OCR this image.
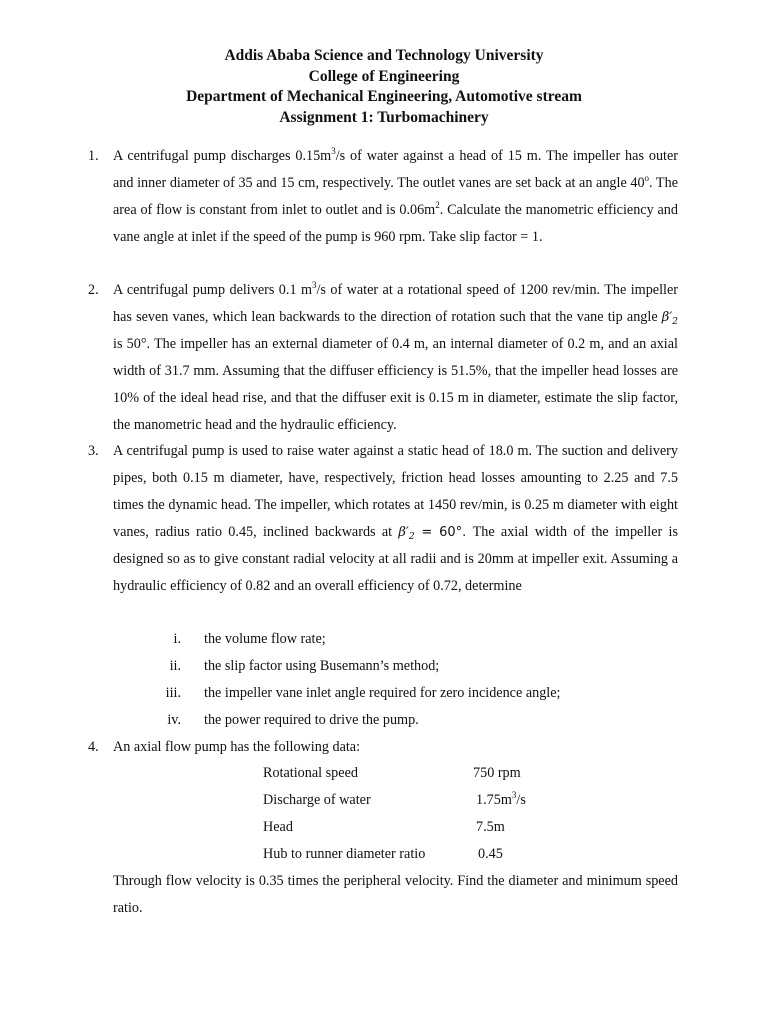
Addis Ababa Science and Technology University
College of Engineering
Department of Mechanical Engineering, Automotive stream
Assignment 1: Turbomachinery
1. A centrifugal pump discharges $0.15m^3/s$ of water against a head of 15 m. The impeller has outer and inner diameter of 35 and 15 cm, respectively. The outlet vanes are set back at an angle 40$^o$. The area of flow is constant from inlet to outlet and is $0.06m^2$. Calculate the manometric efficiency and vane angle at inlet if the speed of the pump is 960 rpm. Take slip factor = 1.
2. A centrifugal pump delivers 0.1 $m^3/s$ of water at a rotational speed of 1200 rev/min. The impeller has seven vanes, which lean backwards to the direction of rotation such that the vane tip angle $\beta'_2$ is 50°. The impeller has an external diameter of 0.4 m, an internal diameter of 0.2 m, and an axial width of 31.7 mm. Assuming that the diffuser efficiency is 51.5%, that the impeller head losses are 10% of the ideal head rise, and that the diffuser exit is 0.15 m in diameter, estimate the slip factor, the manometric head and the hydraulic efficiency.
3. A centrifugal pump is used to raise water against a static head of 18.0 m. The suction and delivery pipes, both 0.15 m diameter, have, respectively, friction head losses amounting to 2.25 and 7.5 times the dynamic head. The impeller, which rotates at 1450 rev/min, is 0.25 m diameter with eight vanes, radius ratio 0.45, inclined backwards at $\beta'_2 = 60^\circ$. The axial width of the impeller is designed so as to give constant radial velocity at all radii and is 20mm at impeller exit. Assuming a hydraulic efficiency of 0.82 and an overall efficiency of 0.72, determine
i. the volume flow rate;
ii. the slip factor using Busemann’s method;
iii. the impeller vane inlet angle required for zero incidence angle;
iv. the power required to drive the pump.
4. An axial flow pump has the following data:
Rotational speed	750 rpm
Discharge of water	$1.75m^3/s$
Head	7.5m
Hub to runner diameter ratio	0.45
Through flow velocity is 0.35 times the peripheral velocity. Find the diameter and minimum speed ratio.
